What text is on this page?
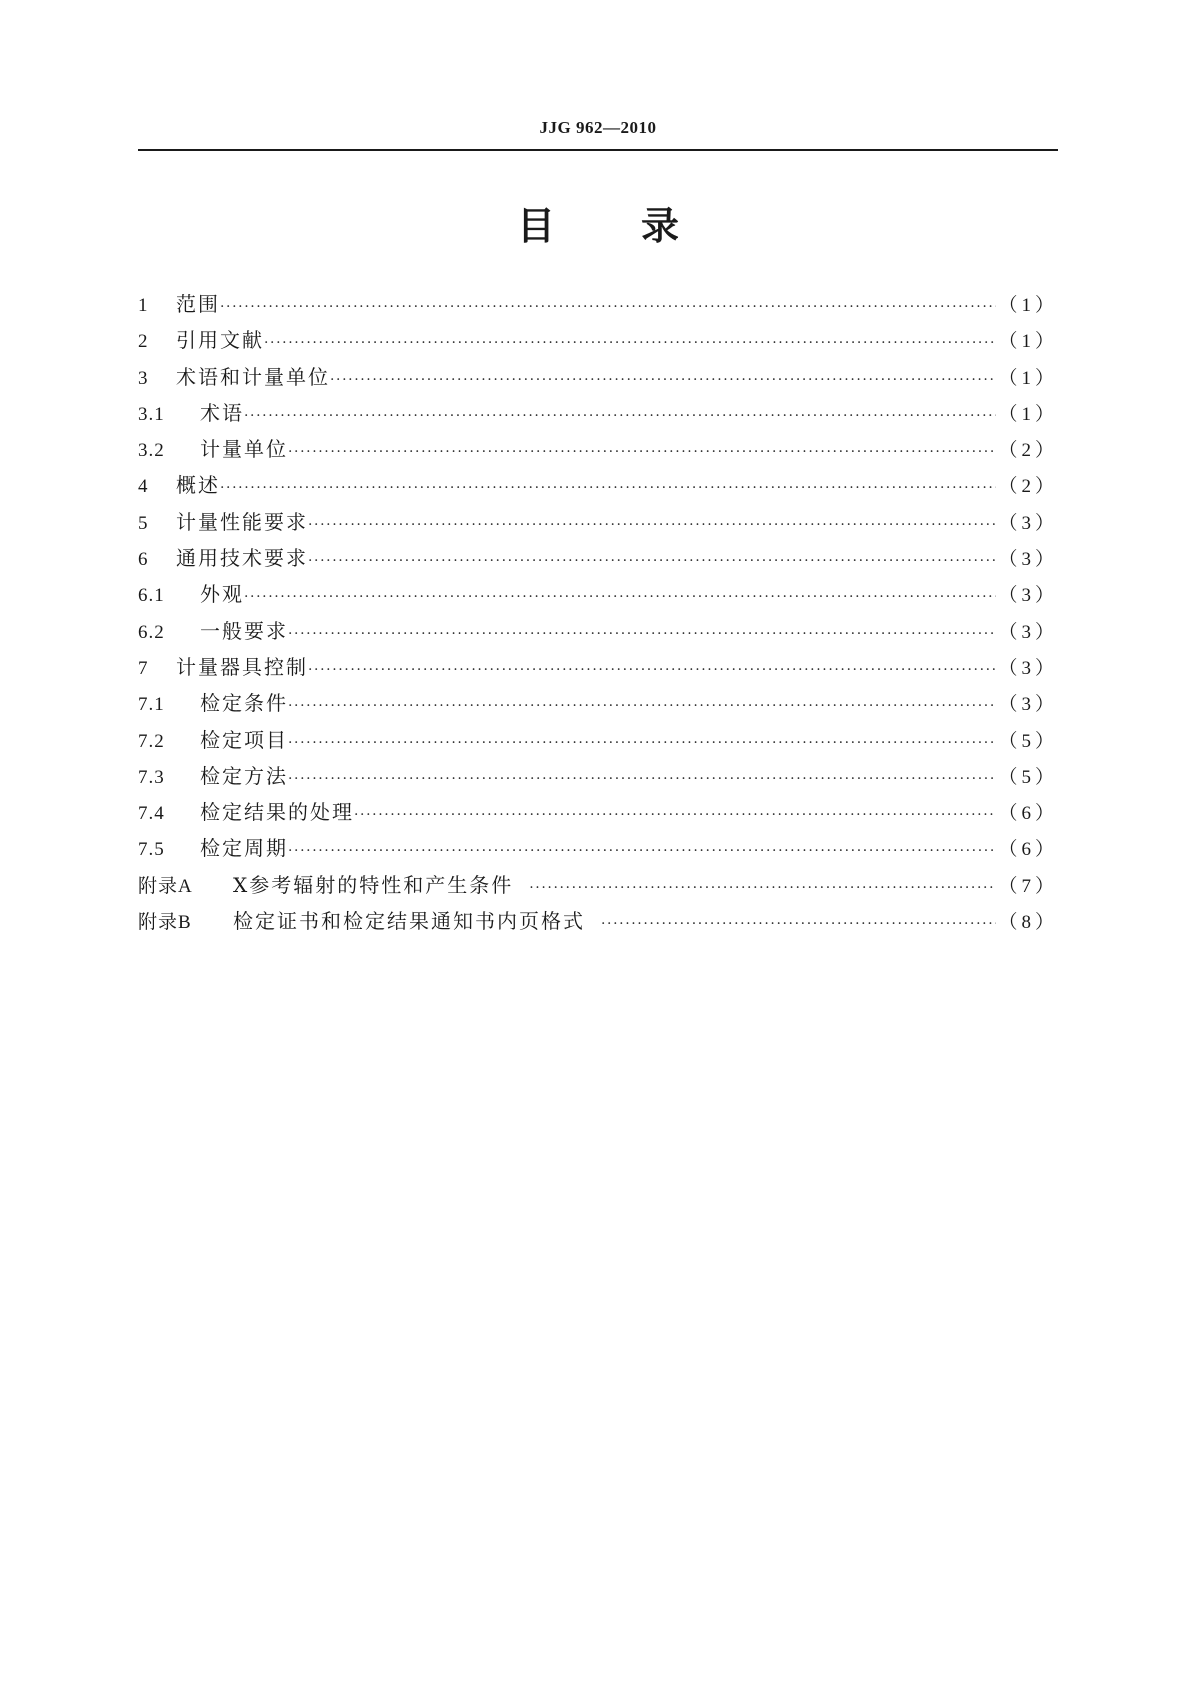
JJG 962—2010
目 录
1	范围 ·····	（1）
2	引用文献 ·····	（1）
3	术语和计量单位 ·····	（1）
3.1	术语 ·····	（1）
3.2	计量单位 ·····	（2）
4	概述 ·····	（2）
5	计量性能要求 ·····	（3）
6	通用技术要求 ·····	（3）
6.1	外观 ·····	（3）
6.2	一般要求 ·····	（3）
7	计量器具控制 ·····	（3）
7.1	检定条件 ·····	（3）
7.2	检定项目 ·····	（5）
7.3	检定方法 ·····	（5）
7.4	检定结果的处理 ·····	（6）
7.5	检定周期 ·····	（6）
附录A	X参考辐射的特性和产生条件 ·····	（7）
附录B	检定证书和检定结果通知书内页格式 ·····	（8）
